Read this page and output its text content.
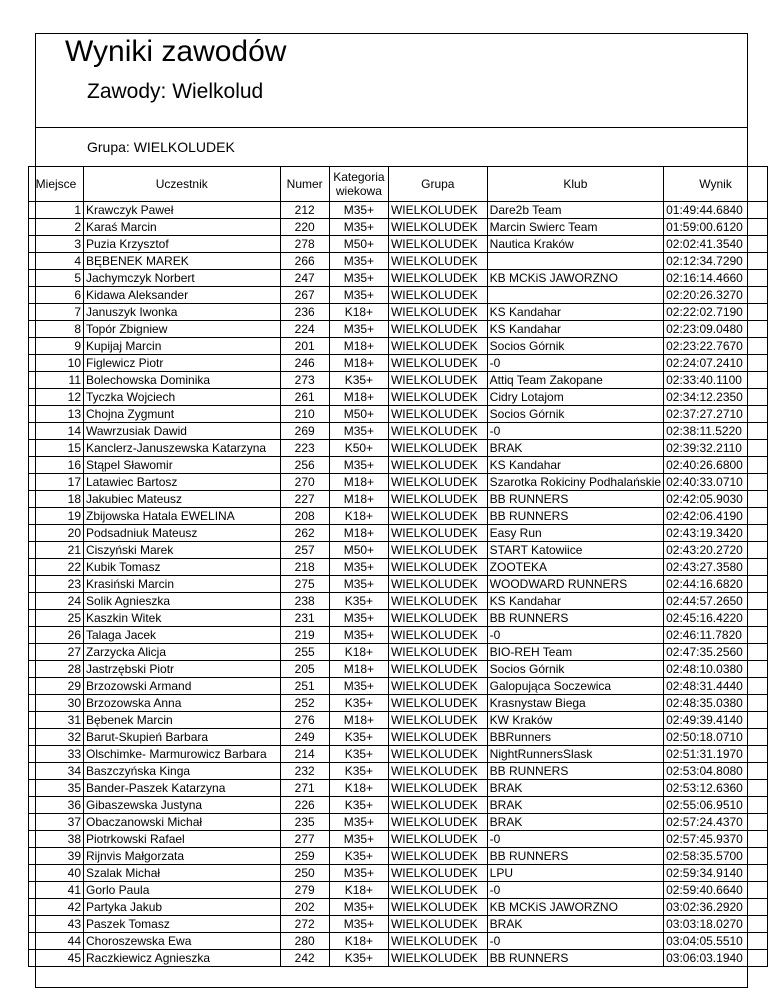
Wyniki zawodów
Zawody: Wielkolud
Grupa: WIELKOLUDEK
Miejsce	Uczestnik	Numer	Kategoria wiekowa	Grupa	Klub	Wynik
1	Krawczyk Paweł	212	M35+	WIELKOLUDEK	Dare2b Team	01:49:44.6840
2	Karaś Marcin	220	M35+	WIELKOLUDEK	Marcin Swierc Team	01:59:00.6120
3	Puzia Krzysztof	278	M50+	WIELKOLUDEK	Nautica Kraków	02:02:41.3540
4	BĘBENEK MAREK	266	M35+	WIELKOLUDEK		02:12:34.7290
5	Jachymczyk Norbert	247	M35+	WIELKOLUDEK	KB MCKiS JAWORZNO	02:16:14.4660
6	Kidawa Aleksander	267	M35+	WIELKOLUDEK		02:20:26.3270
7	Januszyk Iwonka	236	K18+	WIELKOLUDEK	KS Kandahar	02:22:02.7190
8	Topór Zbigniew	224	M35+	WIELKOLUDEK	KS Kandahar	02:23:09.0480
9	Kupijaj Marcin	201	M18+	WIELKOLUDEK	Socios Górnik	02:23:22.7670
10	Figlewicz Piotr	246	M18+	WIELKOLUDEK	-0	02:24:07.2410
11	Bolechowska Dominika	273	K35+	WIELKOLUDEK	Attiq Team Zakopane	02:33:40.1100
12	Tyczka Wojciech	261	M18+	WIELKOLUDEK	Cidry Lotajom	02:34:12.2350
13	Chojna Zygmunt	210	M50+	WIELKOLUDEK	Socios Górnik	02:37:27.2710
14	Wawrzusiak Dawid	269	M35+	WIELKOLUDEK	-0	02:38:11.5220
15	Kanclerz-Januszewska Katarzyna	223	K50+	WIELKOLUDEK	BRAK	02:39:32.2110
16	Stąpel Sławomir	256	M35+	WIELKOLUDEK	KS Kandahar	02:40:26.6800
17	Latawiec Bartosz	270	M18+	WIELKOLUDEK	Szarotka Rokiciny Podhalańskie	02:40:33.0710
18	Jakubiec Mateusz	227	M18+	WIELKOLUDEK	BB RUNNERS	02:42:05.9030
19	Zbijowska Hatala EWELINA	208	K18+	WIELKOLUDEK	BB RUNNERS	02:42:06.4190
20	Podsadniuk Mateusz	262	M18+	WIELKOLUDEK	Easy Run	02:43:19.3420
21	Ciszyński Marek	257	M50+	WIELKOLUDEK	START Katowiice	02:43:20.2720
22	Kubik Tomasz	218	M35+	WIELKOLUDEK	ZOOTEKA	02:43:27.3580
23	Krasiński Marcin	275	M35+	WIELKOLUDEK	WOODWARD RUNNERS	02:44:16.6820
24	Solik Agnieszka	238	K35+	WIELKOLUDEK	KS Kandahar	02:44:57.2650
25	Kaszkin Witek	231	M35+	WIELKOLUDEK	BB RUNNERS	02:45:16.4220
26	Talaga Jacek	219	M35+	WIELKOLUDEK	-0	02:46:11.7820
27	Zarzycka Alicja	255	K18+	WIELKOLUDEK	BIO-REH Team	02:47:35.2560
28	Jastrzębski Piotr	205	M18+	WIELKOLUDEK	Socios Górnik	02:48:10.0380
29	Brzozowski Armand	251	M35+	WIELKOLUDEK	Galopująca Soczewica	02:48:31.4440
30	Brzozowska Anna	252	K35+	WIELKOLUDEK	Krasnystaw Biega	02:48:35.0380
31	Bębenek Marcin	276	M18+	WIELKOLUDEK	KW Kraków	02:49:39.4140
32	Barut-Skupień Barbara	249	K35+	WIELKOLUDEK	BBRunners	02:50:18.0710
33	Olschimke- Marmurowicz Barbara	214	K35+	WIELKOLUDEK	NightRunnersSlask	02:51:31.1970
34	Baszczyńska Kinga	232	K35+	WIELKOLUDEK	BB RUNNERS	02:53:04.8080
35	Bander-Paszek Katarzyna	271	K18+	WIELKOLUDEK	BRAK	02:53:12.6360
36	Gibaszewska Justyna	226	K35+	WIELKOLUDEK	BRAK	02:55:06.9510
37	Obaczanowski Michał	235	M35+	WIELKOLUDEK	BRAK	02:57:24.4370
38	Piotrkowski Rafael	277	M35+	WIELKOLUDEK	-0	02:57:45.9370
39	Rijnvis Małgorzata	259	K35+	WIELKOLUDEK	BB RUNNERS	02:58:35.5700
40	Szalak Michał	250	M35+	WIELKOLUDEK	LPU	02:59:34.9140
41	Gorlo Paula	279	K18+	WIELKOLUDEK	-0	02:59:40.6640
42	Partyka Jakub	202	M35+	WIELKOLUDEK	KB MCKiS JAWORZNO	03:02:36.2920
43	Paszek Tomasz	272	M35+	WIELKOLUDEK	BRAK	03:03:18.0270
44	Choroszewska Ewa	280	K18+	WIELKOLUDEK	-0	03:04:05.5510
45	Raczkiewicz Agnieszka	242	K35+	WIELKOLUDEK	BB RUNNERS	03:06:03.1940
